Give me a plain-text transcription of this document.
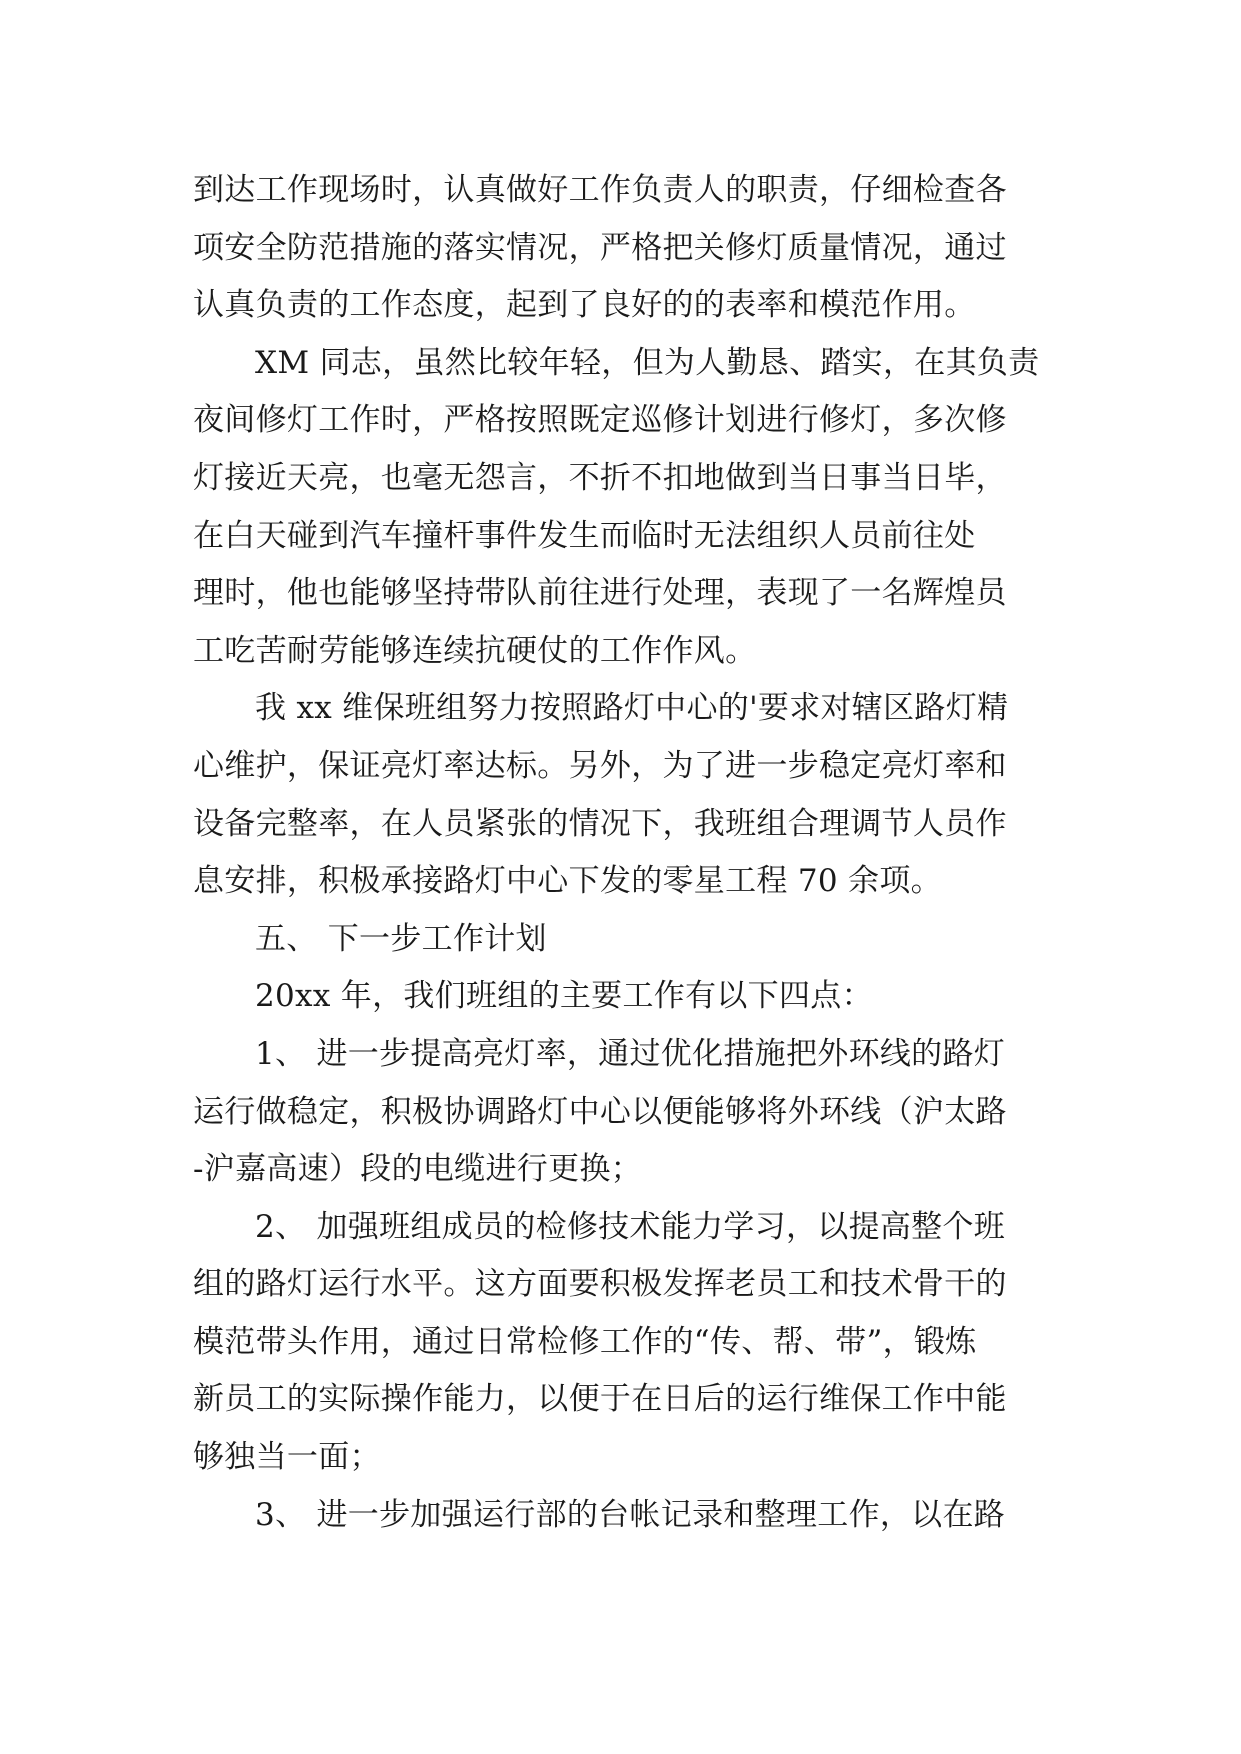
到达工作现场时，认真做好工作负责人的职责，仔细检查各
项安全防范措施的落实情况，严格把关修灯质量情况，通过
认真负责的工作态度，起到了良好的的表率和模范作用。
XM 同志，虽然比较年轻，但为人勤恳、踏实，在其负责
夜间修灯工作时，严格按照既定巡修计划进行修灯，多次修
灯接近天亮，也毫无怨言，不折不扣地做到当日事当日毕，
在白天碰到汽车撞杆事件发生而临时无法组织人员前往处
理时，他也能够坚持带队前往进行处理，表现了一名辉煌员
工吃苦耐劳能够连续抗硬仗的工作作风。
我 xx 维保班组努力按照路灯中心的'要求对辖区路灯精
心维护，保证亮灯率达标。另外，为了进一步稳定亮灯率和
设备完整率，在人员紧张的情况下，我班组合理调节人员作
息安排，积极承接路灯中心下发的零星工程 70 余项。
五、 下一步工作计划
20xx 年，我们班组的主要工作有以下四点：
1、 进一步提高亮灯率，通过优化措施把外环线的路灯
运行做稳定，积极协调路灯中心以便能够将外环线（沪太路
-沪嘉高速）段的电缆进行更换；
2、 加强班组成员的检修技术能力学习，以提高整个班
组的路灯运行水平。这方面要积极发挥老员工和技术骨干的
模范带头作用，通过日常检修工作的“传、帮、带”，锻炼
新员工的实际操作能力，以便于在日后的运行维保工作中能
够独当一面；
3、 进一步加强运行部的台帐记录和整理工作，以在路
